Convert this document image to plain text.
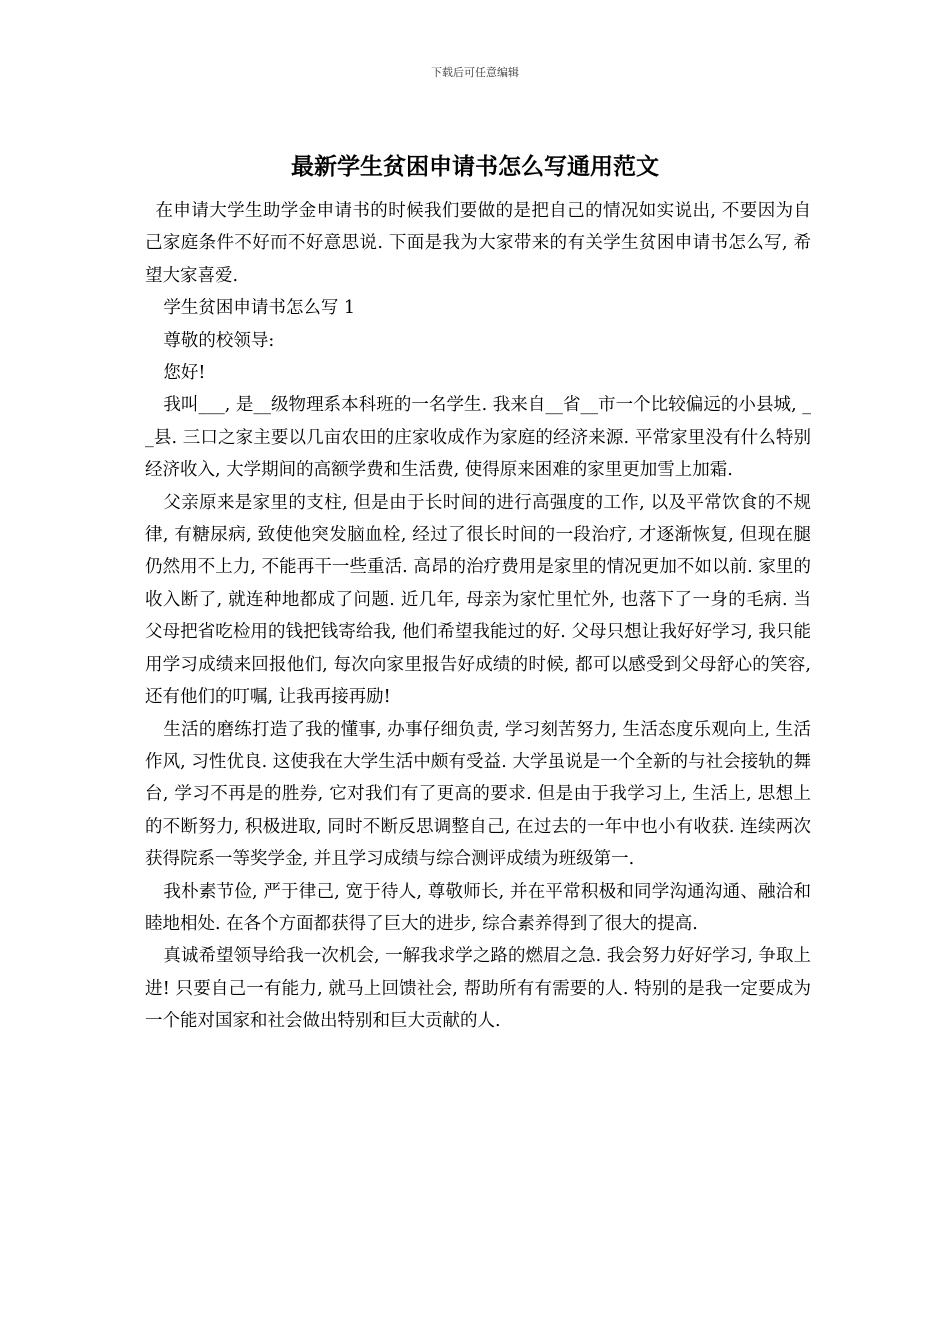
下载后可任意编辑
最新学生贫困申请书怎么写通用范文

在申请大学生助学金申请书的时候我们要做的是把自己的情况如实说出, 不要因为自己家庭条件不好而不好意思说. 下面是我为大家带来的有关学生贫困申请书怎么写, 希望大家喜爱.

学生贫困申请书怎么写 1

尊敬的校领导:

您好!

我叫___, 是__级物理系本科班的一名学生. 我来自__省__市一个比较偏远的小县城, __县. 三口之家主要以几亩农田的庄家收成作为家庭的经济来源. 平常家里没有什么特别经济收入, 大学期间的高额学费和生活费, 使得原来困难的家里更加雪上加霜.

父亲原来是家里的支柱, 但是由于长时间的进行高强度的工作, 以及平常饮食的不规律, 有糖尿病, 致使他突发脑血栓, 经过了很长时间的一段治疗, 才逐渐恢复, 但现在腿仍然用不上力, 不能再干一些重活. 高昂的治疗费用是家里的情况更加不如以前. 家里的收入断了, 就连种地都成了问题. 近几年, 母亲为家忙里忙外, 也落下了一身的毛病. 当父母把省吃检用的钱把钱寄给我, 他们希望我能过的好. 父母只想让我好好学习, 我只能用学习成绩来回报他们, 每次向家里报告好成绩的时候, 都可以感受到父母舒心的笑容, 还有他们的叮嘱, 让我再接再励!

生活的磨练打造了我的懂事, 办事仔细负责, 学习刻苦努力, 生活态度乐观向上, 生活作风, 习性优良. 这使我在大学生活中颇有受益. 大学虽说是一个全新的与社会接轨的舞台, 学习不再是的胜券, 它对我们有了更高的要求. 但是由于我学习上, 生活上, 思想上的不断努力, 积极进取, 同时不断反思调整自己, 在过去的一年中也小有收获. 连续两次获得院系一等奖学金, 并且学习成绩与综合测评成绩为班级第一.

我朴素节俭, 严于律己, 宽于待人, 尊敬师长, 并在平常积极和同学沟通沟通、融洽和睦地相处. 在各个方面都获得了巨大的进步, 综合素养得到了很大的提高.

真诚希望领导给我一次机会, 一解我求学之路的燃眉之急. 我会努力好好学习, 争取上进! 只要自己一有能力, 就马上回馈社会, 帮助所有有需要的人. 特别的是我一定要成为一个能对国家和社会做出特别和巨大贡献的人.
